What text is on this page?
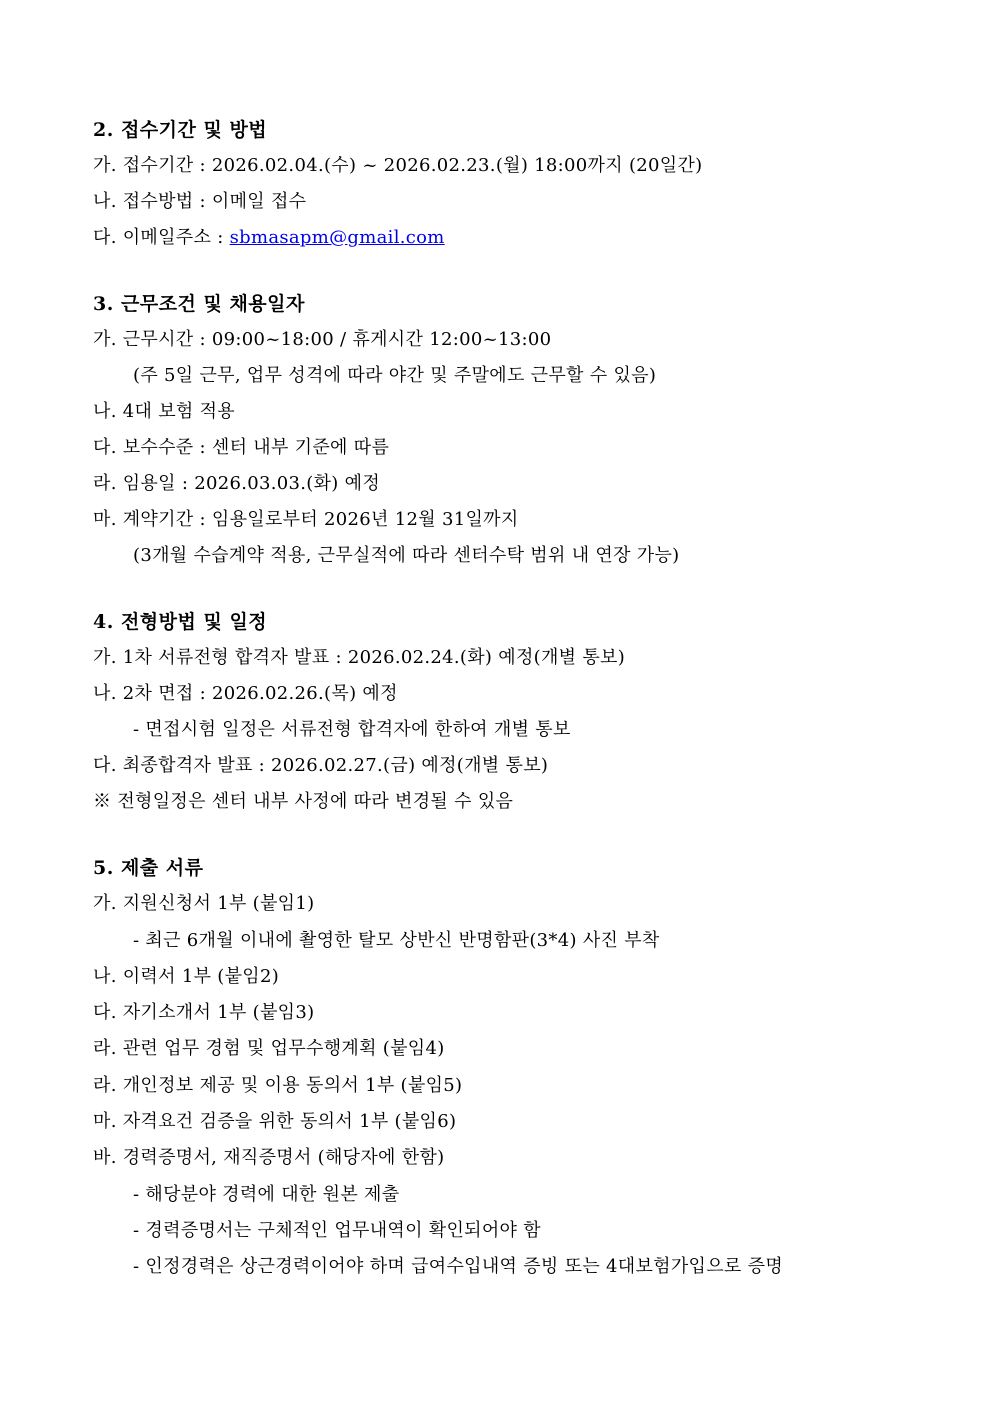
2. 접수기간 및 방법
가. 접수기간 : 2026.02.04.(수) ~ 2026.02.23.(월) 18:00까지 (20일간)
나. 접수방법 : 이메일 접수
다. 이메일주소 : sbmasapm@gmail.com
3. 근무조건 및 채용일자
가. 근무시간 : 09:00~18:00 / 휴게시간 12:00~13:00
(주 5일 근무, 업무 성격에 따라 야간 및 주말에도 근무할 수 있음)
나. 4대 보험 적용
다. 보수수준 : 센터 내부 기준에 따름
라. 임용일 : 2026.03.03.(화) 예정
마. 계약기간 : 임용일로부터 2026년 12월 31일까지
(3개월 수습계약 적용, 근무실적에 따라 센터수탁 범위 내 연장 가능)
4. 전형방법 및 일정
가. 1차 서류전형 합격자 발표 : 2026.02.24.(화) 예정(개별 통보)
나. 2차 면접 : 2026.02.26.(목) 예정
- 면접시험 일정은 서류전형 합격자에 한하여 개별 통보
다. 최종합격자 발표 : 2026.02.27.(금) 예정(개별 통보)
※ 전형일정은 센터 내부 사정에 따라 변경될 수 있음
5. 제출 서류
가. 지원신청서 1부 (붙임1)
- 최근 6개월 이내에 촬영한 탈모 상반신 반명함판(3*4) 사진 부착
나. 이력서 1부 (붙임2)
다. 자기소개서 1부 (붙임3)
라. 관련 업무 경험 및 업무수행계획 (붙임4)
라. 개인정보 제공 및 이용 동의서 1부 (붙임5)
마. 자격요건 검증을 위한 동의서 1부 (붙임6)
바. 경력증명서, 재직증명서 (해당자에 한함)
- 해당분야 경력에 대한 원본 제출
- 경력증명서는 구체적인 업무내역이 확인되어야 함
- 인정경력은 상근경력이어야 하며 급여수입내역 증빙 또는 4대보험가입으로 증명
